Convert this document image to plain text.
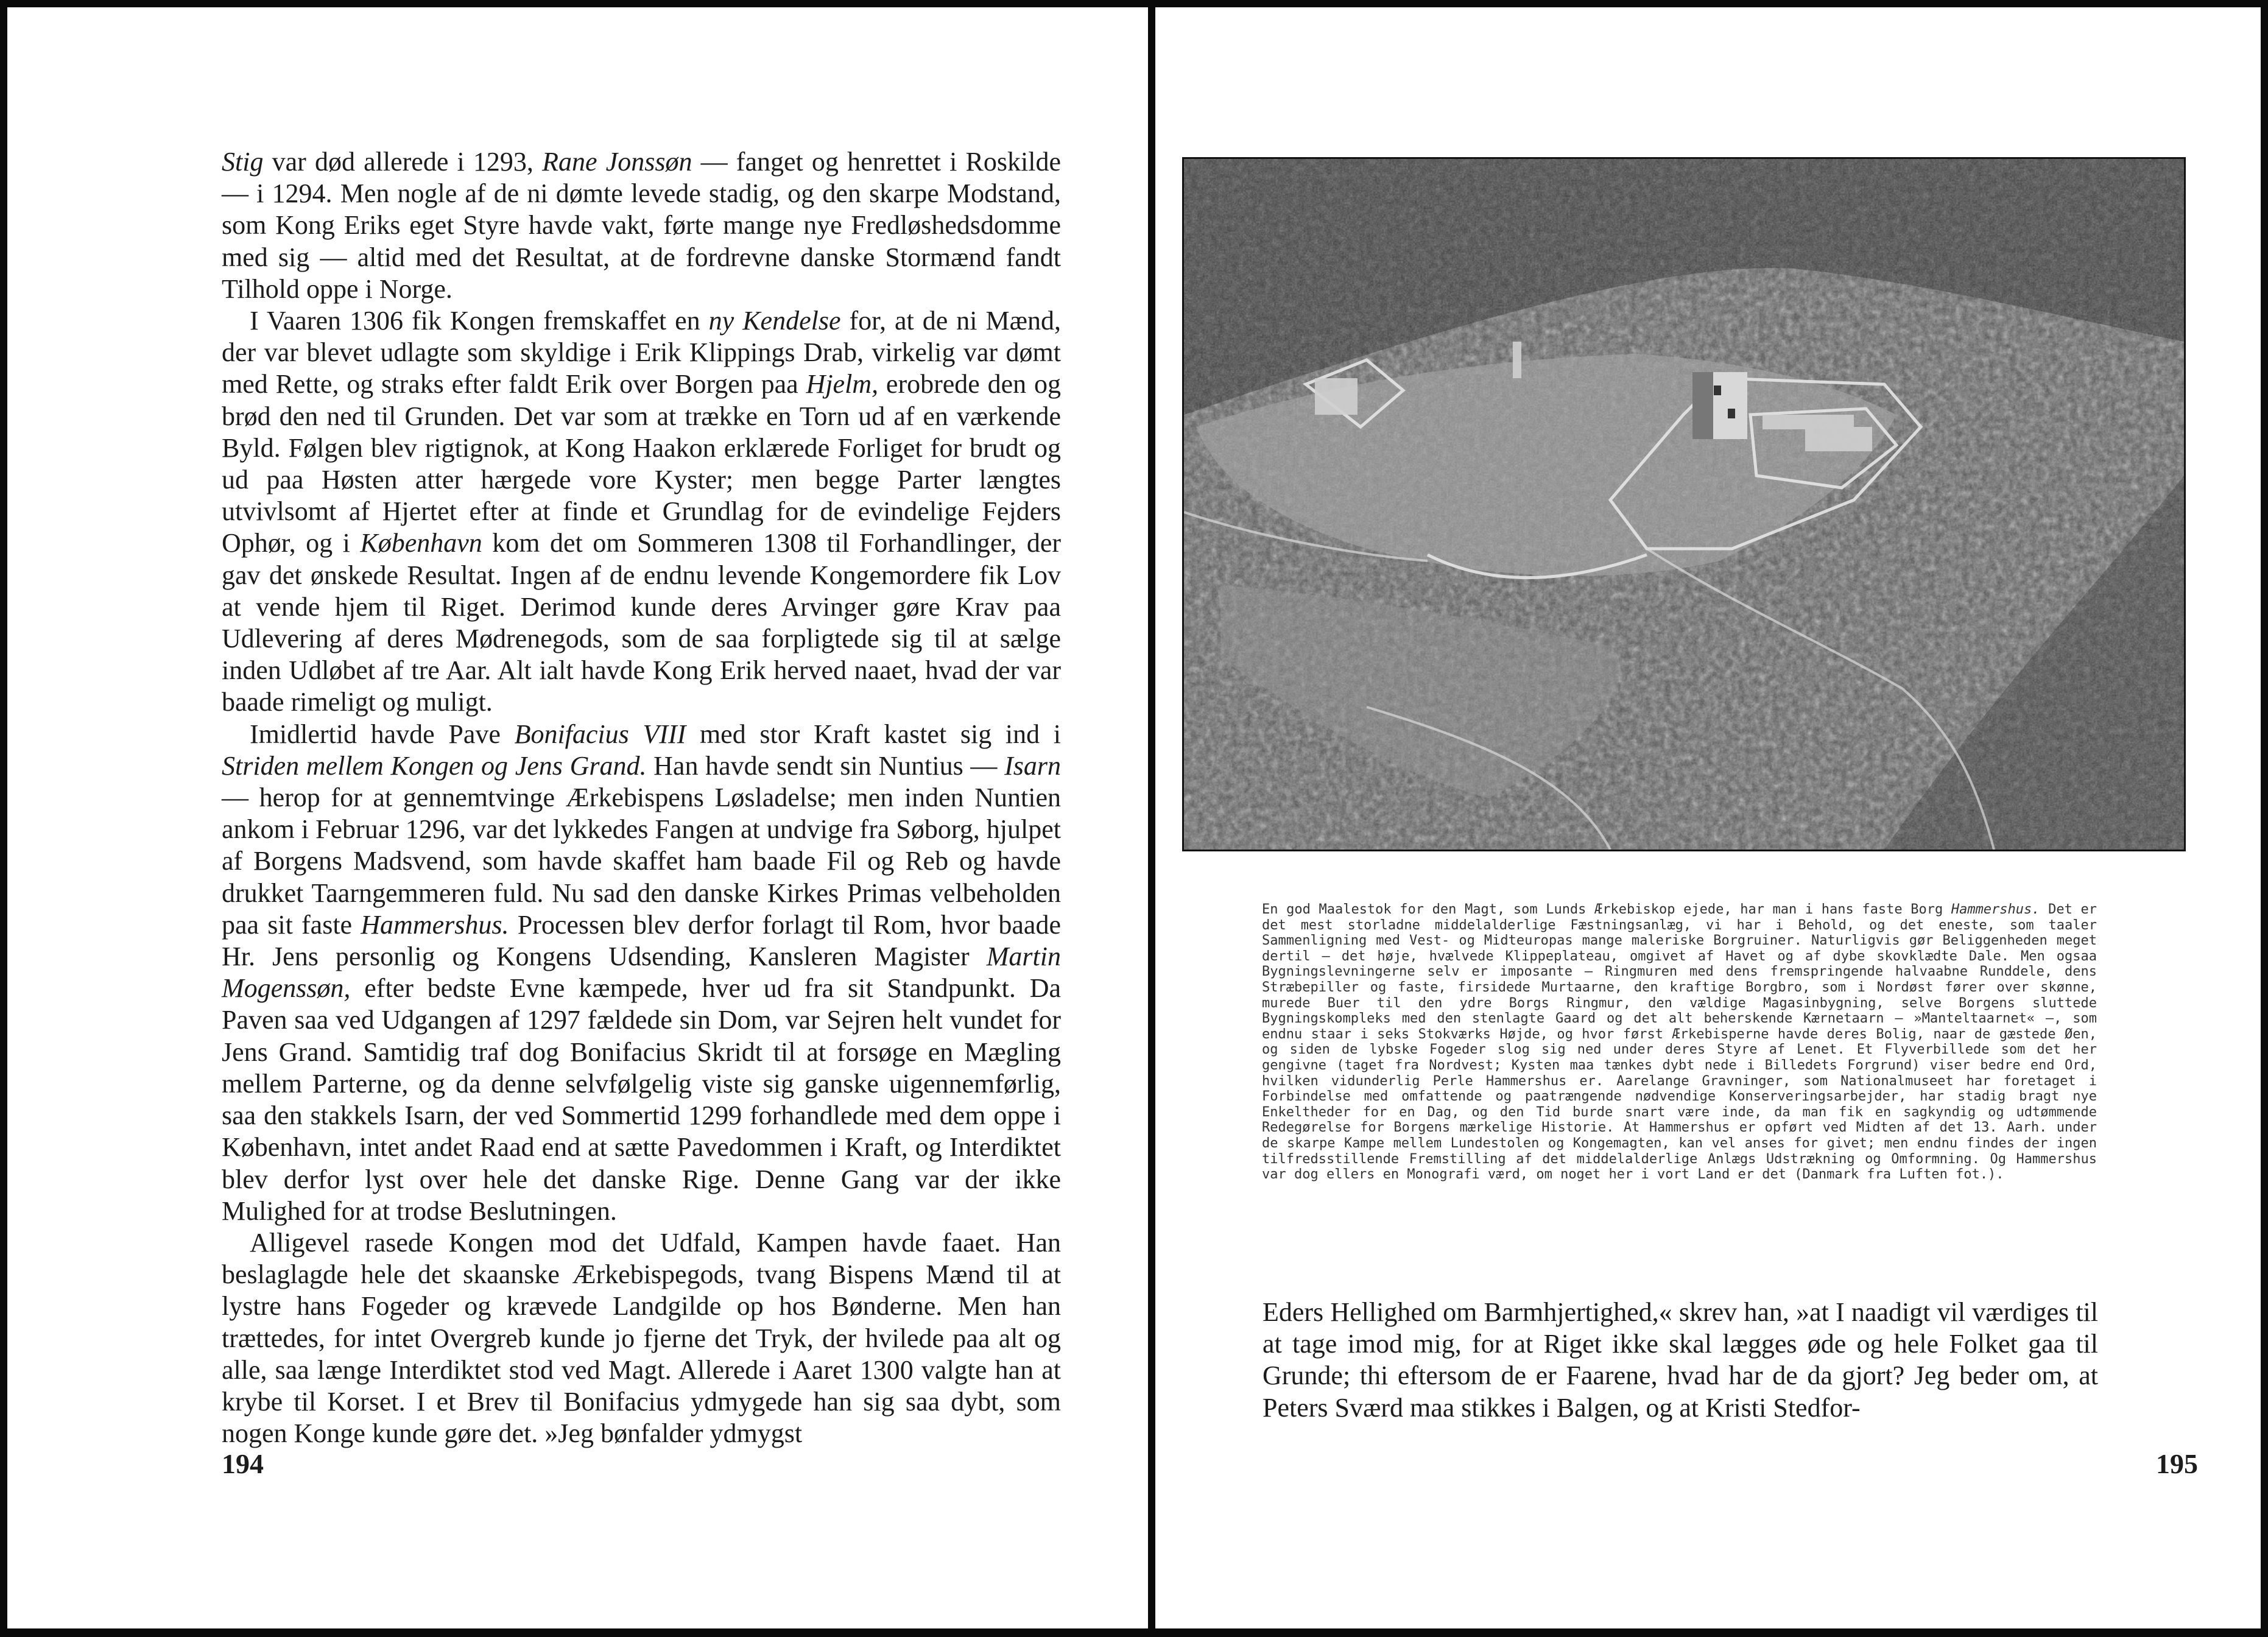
Stig var død allerede i 1293, Rane Jonssøn — fanget og henrettet i Roskilde — i 1294. Men nogle af de ni dømte levede stadig, og den skarpe Modstand, som Kong Eriks eget Styre havde vakt, førte mange nye Fredløshedsdomme med sig — altid med det Resultat, at de fordrevne danske Stormænd fandt Tilhold oppe i Norge.

I Vaaren 1306 fik Kongen fremskaffet en ny Kendelse for, at de ni Mænd, der var blevet udlagte som skyldige i Erik Klippings Drab, virkelig var dømt med Rette, og straks efter faldt Erik over Borgen paa Hjelm, erobrede den og brød den ned til Grunden. Det var som at trække en Torn ud af en værkende Byld. Følgen blev rigtignok, at Kong Haakon erklærede Forliget for brudt og ud paa Høsten atter hærgede vore Kyster; men begge Parter længtes utvivlsomt af Hjertet efter at finde et Grundlag for de evindelige Fejders Ophør, og i København kom det om Sommeren 1308 til Forhandlinger, der gav det ønskede Resultat. Ingen af de endnu levende Kongemordere fik Lov at vende hjem til Riget. Derimod kunde deres Arvinger gøre Krav paa Udlevering af deres Mødrenegods, som de saa forpligtede sig til at sælge inden Udløbet af tre Aar. Alt ialt havde Kong Erik herved naaet, hvad der var baade rimeligt og muligt.

Imidlertid havde Pave Bonifacius VIII med stor Kraft kastet sig ind i Striden mellem Kongen og Jens Grand. Han havde sendt sin Nuntius — Isarn — herop for at gennemtvinge Ærkebispens Løsladelse; men inden Nuntien ankom i Februar 1296, var det lykkedes Fangen at undvige fra Søborg, hjulpet af Borgens Madsvend, som havde skaffet ham baade Fil og Reb og havde drukket Taarngemmeren fuld. Nu sad den danske Kirkes Primas velbeholden paa sit faste Hammershus. Processen blev derfor forlagt til Rom, hvor baade Hr. Jens personlig og Kongens Udsending, Kansleren Magister Martin Mogenssøn, efter bedste Evne kæmpede, hver ud fra sit Standpunkt. Da Paven saa ved Udgangen af 1297 fældede sin Dom, var Sejren helt vundet for Jens Grand. Samtidig traf dog Bonifacius Skridt til at forsøge en Mægling mellem Parterne, og da denne selvfølgelig viste sig ganske uigennemførlig, saa den stakkels Isarn, der ved Sommertid 1299 forhandlede med dem oppe i København, intet andet Raad end at sætte Pavedommen i Kraft, og Interdiktet blev derfor lyst over hele det danske Rige. Denne Gang var der ikke Mulighed for at trodse Beslutningen.

Alligevel rasede Kongen mod det Udfald, Kampen havde faaet. Han beslaglagde hele det skaanske Ærkebispegods, tvang Bispens Mænd til at lystre hans Fogeder og krævede Landgilde op hos Bønderne. Men han trættedes, for intet Overgreb kunde jo fjerne det Tryk, der hvilede paa alt og alle, saa længe Interdiktet stod ved Magt. Allerede i Aaret 1300 valgte han at krybe til Korset. I et Brev til Bonifacius ydmygede han sig saa dybt, som nogen Konge kunde gøre det. »Jeg bønfalder ydmygst

194

En god Maalestok for den Magt, som Lunds Ærkebiskop ejede, har man i hans faste Borg Hammershus. Det er det mest storladne middelalderlige Fæstningsanlæg, vi har i Behold, og det eneste, som taaler Sammenligning med Vest- og Midteuropas mange maleriske Borgruiner. Naturligvis gør Beliggenheden meget dertil — det høje, hvælvede Klippeplateau, omgivet af Havet og af dybe skovklædte Dale. Men ogsaa Bygningslevningerne selv er imposante — Ringmuren med dens fremspringende halvaabne Runddele, dens Stræbepiller og faste, firsidede Murtaarne, den kraftige Borgbro, som i Nordøst fører over skønne, murede Buer til den ydre Borgs Ringmur, den vældige Magasinbygning, selve Borgens sluttede Bygningskompleks med den stenlagte Gaard og det alt beherskende Kærnetaarn — »Manteltaarnet« —, som endnu staar i seks Stokværks Højde, og hvor først Ærkebisperne havde deres Bolig, naar de gæstede Øen, og siden de lybske Fogeder slog sig ned under deres Styre af Lenet. Et Flyverbillede som det her gengivne (taget fra Nordvest; Kysten maa tænkes dybt nede i Billedets Forgrund) viser bedre end Ord, hvilken vidunderlig Perle Hammershus er. Aarelange Gravninger, som Nationalmuseet har foretaget i Forbindelse med omfattende og paatrængende nødvendige Konserveringsarbejder, har stadig bragt nye Enkeltheder for en Dag, og den Tid burde snart være inde, da man fik en sagkyndig og udtømmende Redegørelse for Borgens mærkelige Historie. At Hammershus er opført ved Midten af det 13. Aarh. under de skarpe Kampe mellem Lundestolen og Kongemagten, kan vel anses for givet; men endnu findes der ingen tilfredsstillende Fremstilling af det middelalderlige Anlægs Udstrækning og Omformning. Og Hammershus var dog ellers en Monografi værd, om noget her i vort Land er det (Danmark fra Luften fot.).

Eders Hellighed om Barmhjertighed,« skrev han, »at I naadigt vil værdiges til at tage imod mig, for at Riget ikke skal lægges øde og hele Folket gaa til Grunde; thi eftersom de er Faarene, hvad har de da gjort? Jeg beder om, at Peters Sværd maa stikkes i Balgen, og at Kristi Stedfor-

195
